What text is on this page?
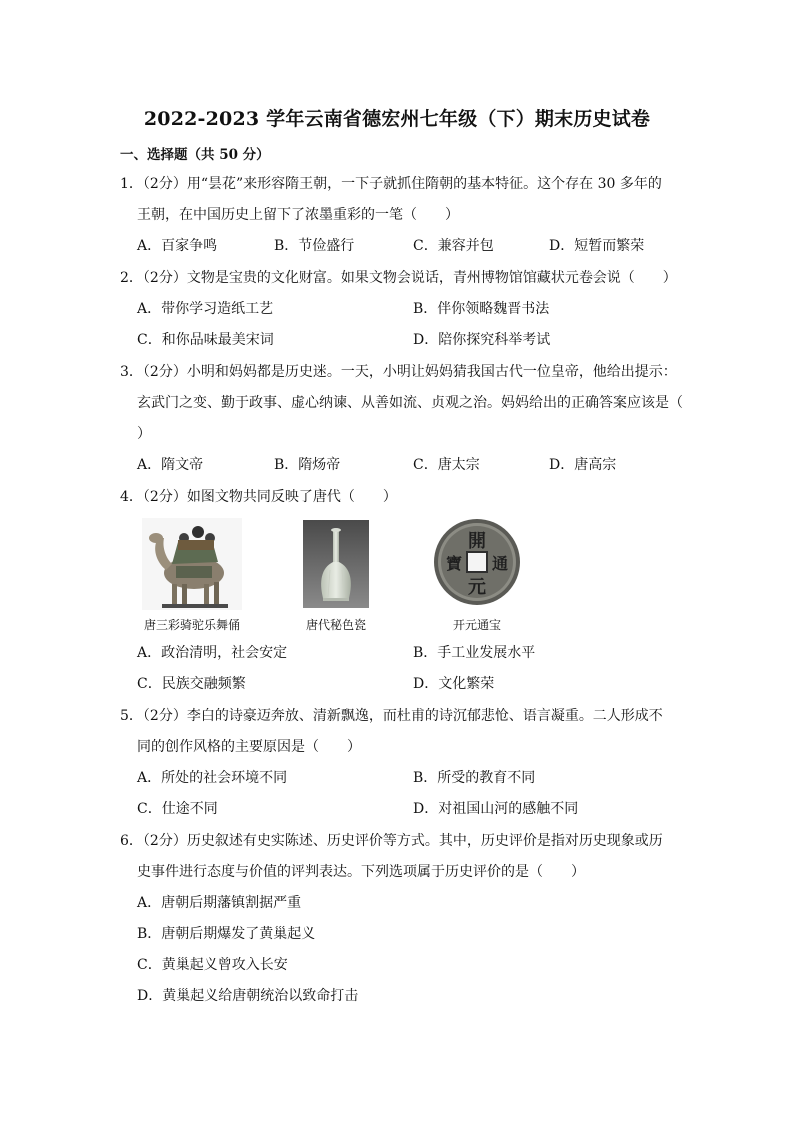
2022-2023 学年云南省德宏州七年级（下）期末历史试卷
一、选择题（共 50 分）
1．（2分）用“昙花”来形容隋王朝，一下子就抓住隋朝的基本特征。这个存在 30 多年的
王朝，在中国历史上留下了浓墨重彩的一笔（　　）
A．百家争鸣	B．节俭盛行	C．兼容并包	D．短暂而繁荣
2．（2分）文物是宝贵的文化财富。如果文物会说话，青州博物馆馆藏状元卷会说（　　）
A．带你学习造纸工艺	B．伴你领略魏晋书法
C．和你品味最美宋词	D．陪你探究科举考试
3．（2分）小明和妈妈都是历史迷。一天，小明让妈妈猜我国古代一位皇帝，他给出提示：
玄武门之变、勤于政事、虚心纳谏、从善如流、贞观之治。妈妈给出的正确答案应该是（
）
A．隋文帝	B．隋炀帝	C．唐太宗	D．唐高宗
4．（2分）如图文物共同反映了唐代（　　）
唐三彩骑驼乐舞俑	唐代秘色瓷
開
元
通
寶
开元通宝
A．政治清明，社会安定	B．手工业发展水平
C．民族交融频繁	D．文化繁荣
5．（2分）李白的诗豪迈奔放、清新飘逸，而杜甫的诗沉郁悲怆、语言凝重。二人形成不
同的创作风格的主要原因是（　　）
A．所处的社会环境不同	B．所受的教育不同
C．仕途不同	D．对祖国山河的感触不同
6．（2分）历史叙述有史实陈述、历史评价等方式。其中，历史评价是指对历史现象或历
史事件进行态度与价值的评判表达。下列选项属于历史评价的是（　　）
A．唐朝后期藩镇割据严重
B．唐朝后期爆发了黄巢起义
C．黄巢起义曾攻入长安
D．黄巢起义给唐朝统治以致命打击
